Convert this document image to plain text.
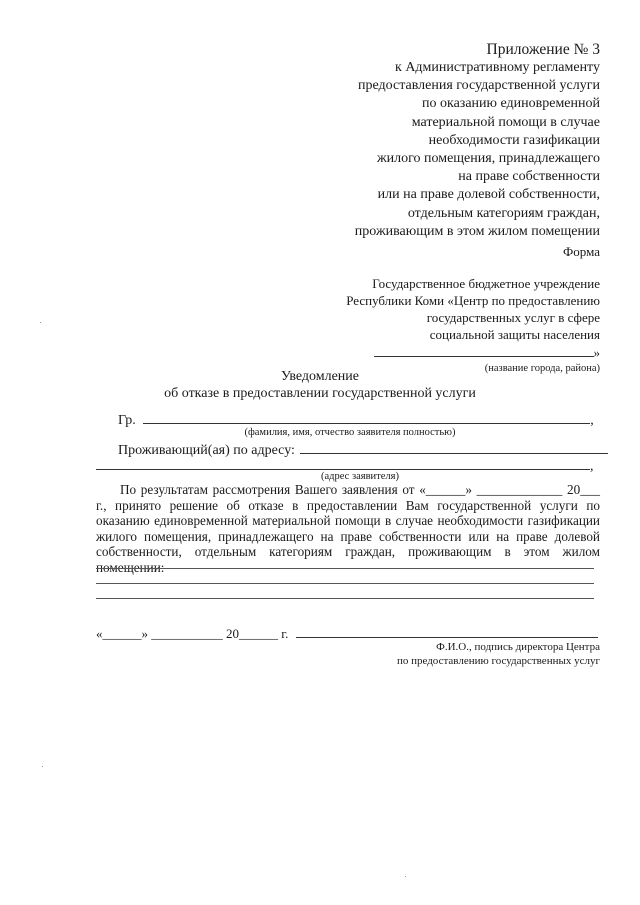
Приложение № 3
к Административному регламенту
предоставления государственной услуги
по оказанию единовременной
материальной помощи в случае
необходимости газификации
жилого помещения, принадлежащего
на праве собственности
или на праве долевой собственности,
отдельным категориям граждан,
проживающим в этом жилом помещении
Форма
Государственное бюджетное учреждение
Республики Коми «Центр по предоставлению
государственных услуг в сфере
социальной защиты населения
»
(название города, района)
Уведомление
об отказе в предоставлении государственной услуги
Гр.	,
(фамилия, имя, отчество заявителя полностью)
Проживающий(ая) по адресу:
,
(адрес заявителя)
По результатам рассмотрения Вашего заявления от «______» _____________ 20___ г., принято решение об отказе в предоставлении Вам государственной услуги по оказанию единовременной материальной помощи в случае необходимости газификации жилого помещения, принадлежащего на праве собственности или на праве долевой собственности, отдельным категориям граждан, проживающим в этом жилом помещении:
«______» ___________ 20______ г.
Ф.И.О., подпись директора Центра
по предоставлению государственных услуг
